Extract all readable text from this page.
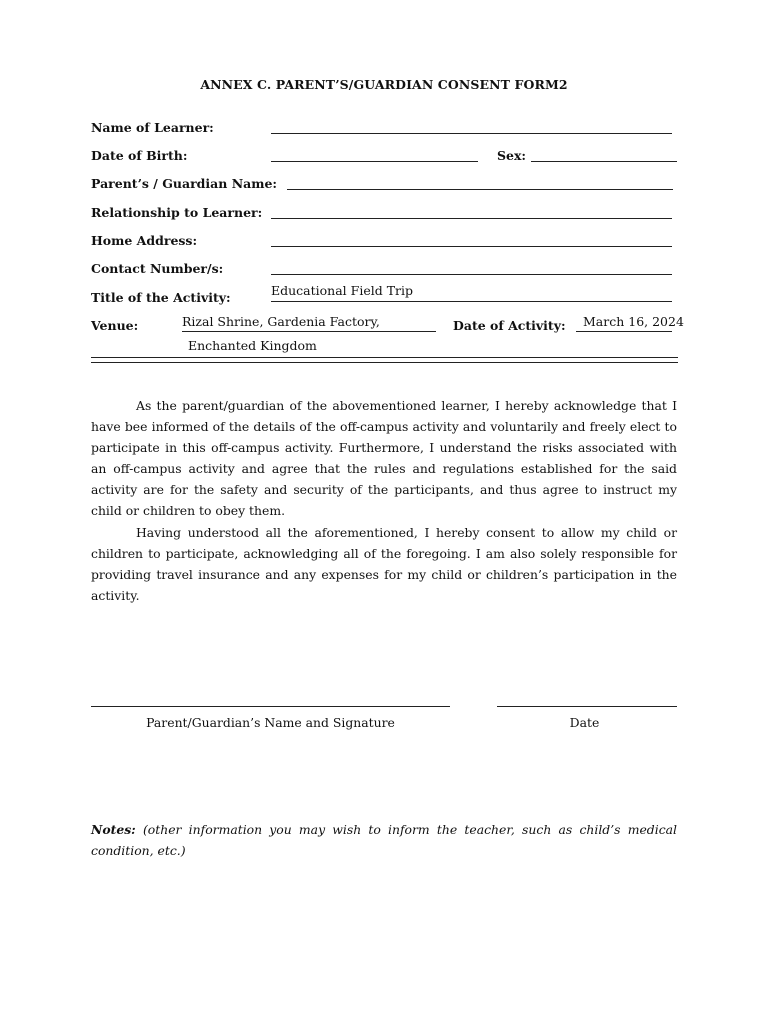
ANNEX C. PARENT’S/GUARDIAN CONSENT FORM2
Name of Learner:
Date of Birth:	Sex:
Parent’s / Guardian Name:
Relationship to Learner:
Home Address:
Contact Number/s:
Title of the Activity:	Educational Field Trip
Venue:	Rizal Shrine, Gardenia Factory,
Enchanted Kingdom
Date of Activity: March 16, 2024

As the parent/guardian of the abovementioned learner, I hereby acknowledge that I have bee informed of the details of the off-campus activity and voluntarily and freely elect to participate in this off-campus activity. Furthermore, I understand the risks associated with an off-campus activity and agree that the rules and regulations established for the said activity are for the safety and security of the participants, and thus agree to instruct my child or children to obey them.

Having understood all the aforementioned, I hereby consent to allow my child or children to participate, acknowledging all of the foregoing. I am also solely responsible for providing travel insurance and any expenses for my child or children’s participation in the activity.

Parent/Guardian’s Name and Signature	Date
Notes: (other information you may wish to inform the teacher, such as child’s medical condition, etc.)
